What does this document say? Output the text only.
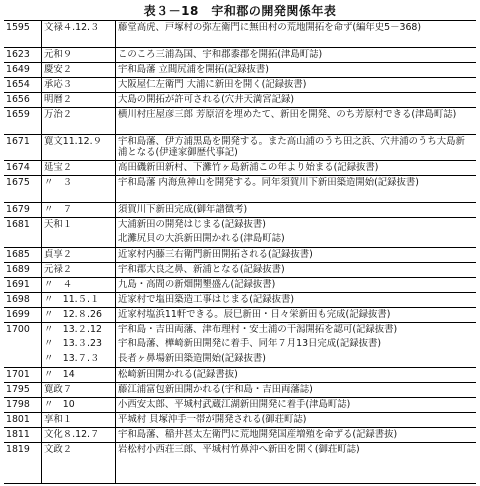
表３－18　宇和郡の開発関係年表
1595	文禄４.12.３	藤堂高虎、戸塚村の弥左衛門に無田村の荒地開拓を命ず(編年史5－368)
1623	元和９	このころ三浦為国、宇和郡黍郡を開拓(津島町誌)
1649	慶安２	宇和島藩 立間尻浦を開拓(記録抜書)
1654	承応３	大阪屋仁左衛門 大浦に新田を開く(記録抜書)
1656	明暦２	大島の開拓が許可される(穴井天満宮記録)
1659	万治２	横川村庄屋彦三郎 芳原沼を埋めたて、新田を開発、のち芳原村できる(津島町誌)
1671	寛文11.12.９	宇和島藩、伊方浦黒島を開発する。また高山浦のうち田之浜、穴井浦のうち大島新浦となる(伊達家御歴代事記)
1674	延宝２	高田磯新田新村、下灘竹ヶ島新浦この年より始まる(記録抜書)
1675	〃　３	宇和島藩 内海魚神山を開発する。同年須賀川下新田築造開始(記録抜書)
1679	〃　７	須賀川下新田完成(御年譜徴考)
1681	天和１	大浦新田の開発はじまる(記録抜書)
北灘尻貝の大浜新田開かれる(津島町誌)
1685	貞享２	近家村内藤三右衛門新田開拓される(記録抜書)
1689	元禄２	宇和郡大良之鼻、新浦となる(記録抜書)
1691	〃　４	九島・高間の新畑開墾盛ん(記録抜書)
1698	〃　11.５.１	近家村で塩田築造工事はじまる(記録抜書)
1699	〃　12.８.26	近家村塩浜11軒できる。辰巳新田・日々栄新田も完成(記録抜書)
1700	〃　13.２.12	宇和島・吉田両藩、津布理村・安土浦の干潟開拓を認可(記録抜書)
〃　13.３.23	宇和島藩、樺崎新田開発に着手、同年７月13日完成(記録抜書)
〃　13.７.３	長者ヶ鼻場新田築造開始(記録抜書)
1701	〃　14	松崎新田開かれる(記録書抜)
1795	寛政７	藤江浦富包新田開かれる(宇和島・吉田両藩誌)
1798	〃　10	小西安太郎、平城村武蔵江湖新田開発に着手(津島町誌)
1801	享和１	平城村 貝塚沖手一帯が開発される(御荘町誌)
1811	文化８.12.７	宇和島藩、稲井甚太左衛門に荒地開発国産増殖を命ずる(記録書抜)
1819	文政２	岩松村小西荘三郎、平城村竹鼻沖へ新田を開く(御荘町誌)
